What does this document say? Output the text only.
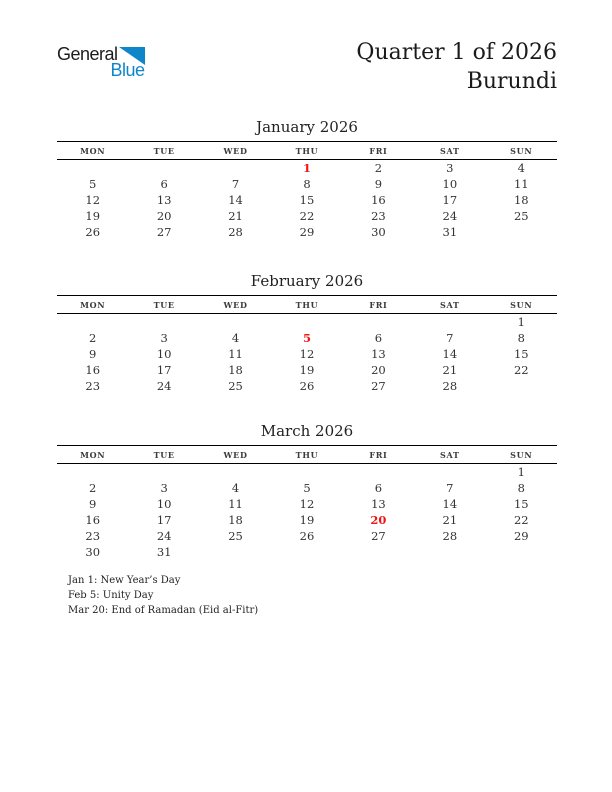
General
Blue
Quarter 1 of 2026
Burundi
January 2026
MON	TUE	WED	THU	FRI	SAT	SUN
			1	2	3	4
5	6	7	8	9	10	11
12	13	14	15	16	17	18
19	20	21	22	23	24	25
26	27	28	29	30	31	
February 2026
MON	TUE	WED	THU	FRI	SAT	SUN
						1
2	3	4	5	6	7	8
9	10	11	12	13	14	15
16	17	18	19	20	21	22
23	24	25	26	27	28	
March 2026
MON	TUE	WED	THU	FRI	SAT	SUN
						1
2	3	4	5	6	7	8
9	10	11	12	13	14	15
16	17	18	19	20	21	22
23	24	25	26	27	28	29
30	31					
Jan 1: New Year’s Day
Feb 5: Unity Day
Mar 20: End of Ramadan (Eid al-Fitr)
